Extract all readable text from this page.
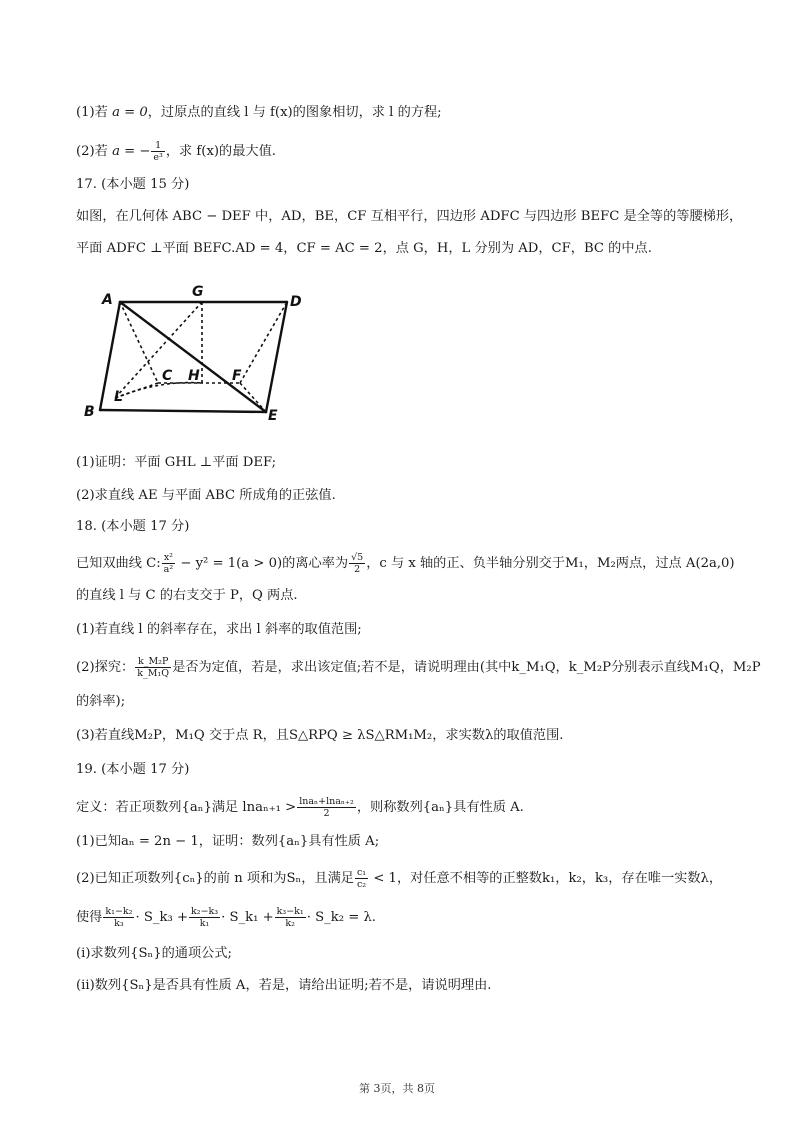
(1)若 a = 0，过原点的直线 l 与 f(x)的图象相切，求 l 的方程;
(2)若 a = − $\frac{1}{\text{e³}}$ ，求 f(x)的最大值.
17. (本小题 15 分)
如图，在几何体 ABC − DEF 中，AD，BE，CF 互相平行，四边形 ADFC 与四边形 BEFC 是全等的等腰梯形，
平面 ADFC ⊥平面 BEFC.AD = 4，CF = AC = 2，点 G，H，L 分别为 AD，CF，BC 的中点.
A	G
D
C H F
L
B	E
(1)证明：平面 GHL ⊥平面 DEF;
(2)求直线 AE 与平面 ABC 所成角的正弦值.
18. (本小题 17 分)
已知双曲线 C: $\frac{\text{x²}}{\text{a²}} - y^2 = 1(a > 0)$的离心率为 $\frac{√5}{2}$ ，c 与 x 轴的正、负半轴分别交于M₁，M₂两点，过点 A(2a,0)
的直线 l 与 C 的右支交于 P，Q 两点.
(1)若直线 l 的斜率存在，求出 l 斜率的取值范围;
(2)探究： $\frac{\text{k\_M₂P}}{\text{k\_M₁Q}}$ 是否为定值，若是，求出该定值;若不是，请说明理由(其中k_M₁Q，k_M₂P分别表示直线M₁Q，M₂P
的斜率);
(3)若直线M₂P，M₁Q 交于点 R，且S△RPQ ≥ λS△RM₁M₂，求实数λ的取值范围.
19. (本小题 17 分)
定义：若正项数列{aₙ}满足 $\ln a_{n+1} > \frac{\text{lnaₙ+lnaₙ₊₂}}{2}$ ，则称数列{aₙ}具有性质 A.
(1)已知aₙ = 2n − 1，证明：数列{aₙ}具有性质 A;
(2)已知正项数列{cₙ}的前 n 项和为Sₙ，且满足 $\frac{\text{c₁}}{\text{c₂}} < 1$，对任意不相等的正整数k₁，k₂，k₃，存在唯一实数λ，
使得 $\frac{\text{k₁−k₂}}{\text{k₃}}$ · S_k₃ + $\frac{\text{k₂−k₃}}{\text{k₁}}$ · S_k₁ + $\frac{\text{k₃−k₁}}{\text{k₂}}$ · S_k₂ = λ.
(ⅰ)求数列{Sₙ}的通项公式;
(ⅱ)数列{Sₙ}是否具有性质 A，若是，请给出证明;若不是，请说明理由.
第 3页，共 8页
